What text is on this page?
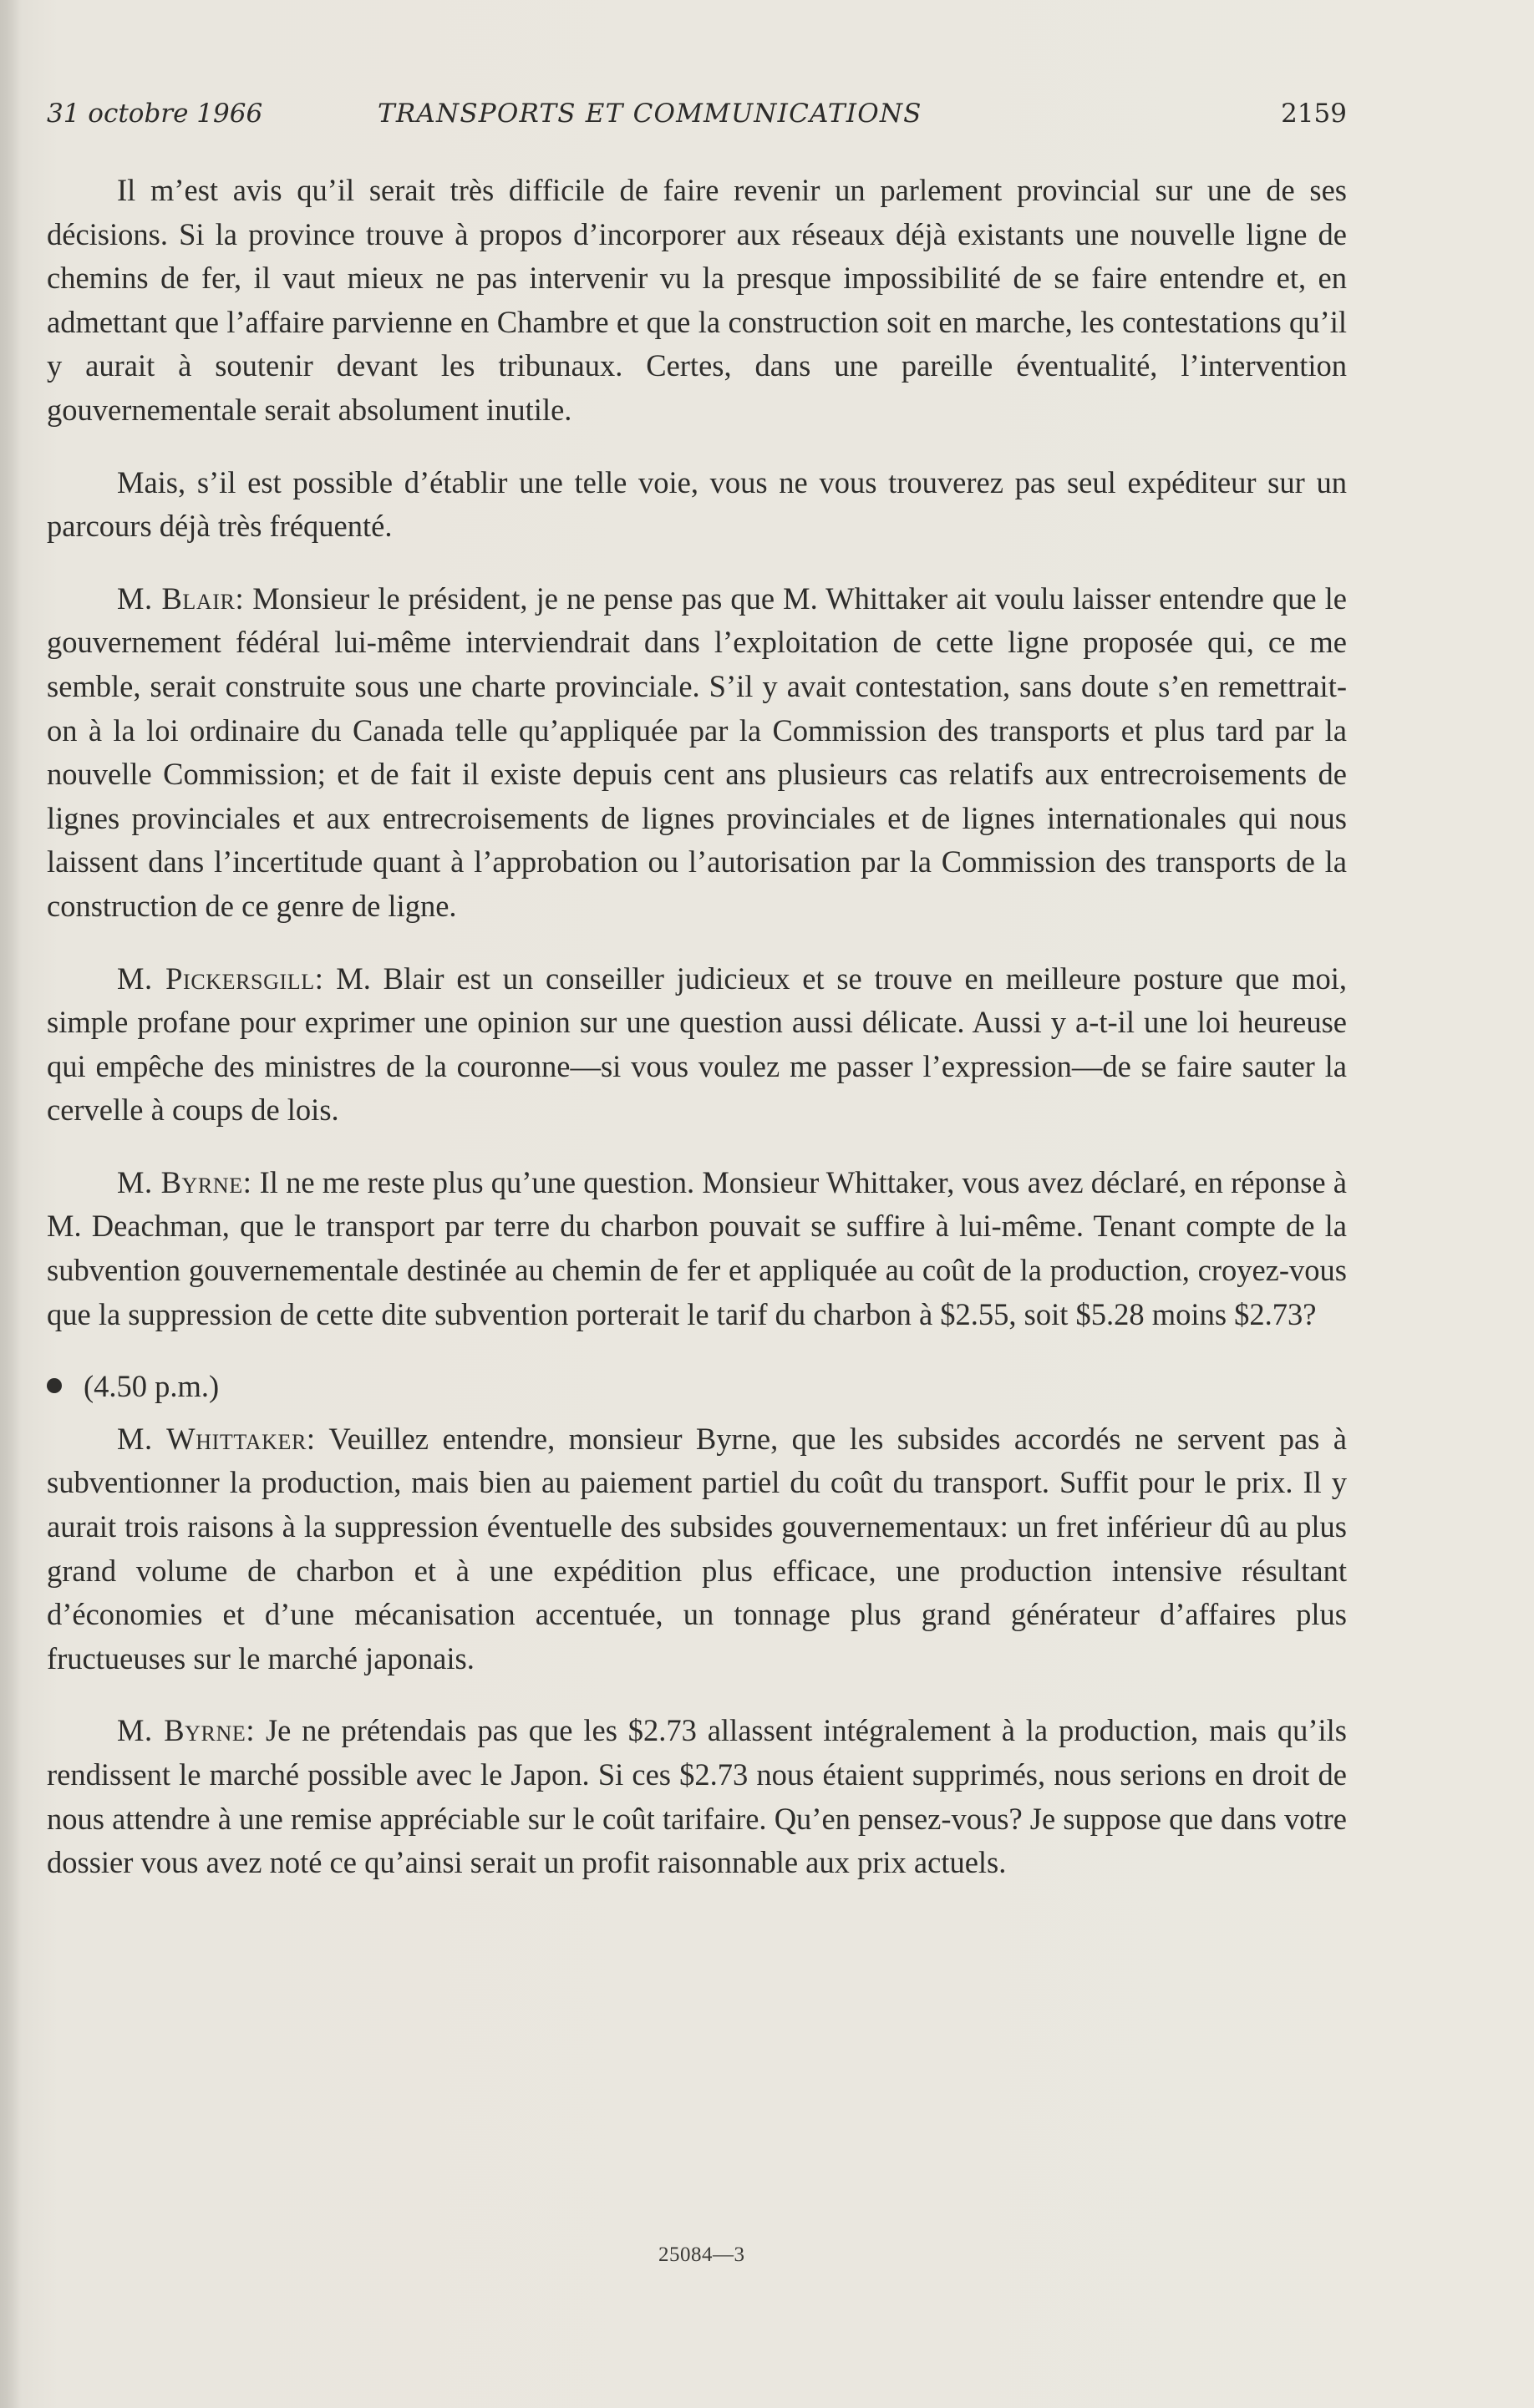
31 octobre 1966	TRANSPORTS ET COMMUNICATIONS	2159

Il m’est avis qu’il serait très difficile de faire revenir un parlement provincial sur une de ses décisions. Si la province trouve à propos d’incorporer aux réseaux déjà existants une nouvelle ligne de chemins de fer, il vaut mieux ne pas intervenir vu la presque impossibilité de se faire entendre et, en admettant que l’affaire parvienne en Chambre et que la construction soit en marche, les contestations qu’il y aurait à soutenir devant les tribunaux. Certes, dans une pareille éventualité, l’intervention gouvernementale serait absolument inutile.

Mais, s’il est possible d’établir une telle voie, vous ne vous trouverez pas seul expéditeur sur un parcours déjà très fréquenté.

M. Blair: Monsieur le président, je ne pense pas que M. Whittaker ait voulu laisser entendre que le gouvernement fédéral lui-même interviendrait dans l’exploitation de cette ligne proposée qui, ce me semble, serait construite sous une charte provinciale. S’il y avait contestation, sans doute s’en remettrait-on à la loi ordinaire du Canada telle qu’appliquée par la Commission des transports et plus tard par la nouvelle Commission; et de fait il existe depuis cent ans plusieurs cas relatifs aux entrecroisements de lignes provinciales et aux entrecroisements de lignes provinciales et de lignes internationales qui nous laissent dans l’incertitude quant à l’approbation ou l’autorisation par la Commission des transports de la construction de ce genre de ligne.

M. Pickersgill: M. Blair est un conseiller judicieux et se trouve en meilleure posture que moi, simple profane pour exprimer une opinion sur une question aussi délicate. Aussi y a-t-il une loi heureuse qui empêche des ministres de la couronne—si vous voulez me passer l’expression—de se faire sauter la cervelle à coups de lois.

M. Byrne: Il ne me reste plus qu’une question. Monsieur Whittaker, vous avez déclaré, en réponse à M. Deachman, que le transport par terre du charbon pouvait se suffire à lui-même. Tenant compte de la subvention gouvernementale destinée au chemin de fer et appliquée au coût de la production, croyez-vous que la suppression de cette dite subvention porterait le tarif du charbon à $2.55, soit $5.28 moins $2.73?

(4.50 p.m.)

M. Whittaker: Veuillez entendre, monsieur Byrne, que les subsides accordés ne servent pas à subventionner la production, mais bien au paiement partiel du coût du transport. Suffit pour le prix. Il y aurait trois raisons à la suppression éventuelle des subsides gouvernementaux: un fret inférieur dû au plus grand volume de charbon et à une expédition plus efficace, une production intensive résultant d’économies et d’une mécanisation accentuée, un tonnage plus grand générateur d’affaires plus fructueuses sur le marché japonais.

M. Byrne: Je ne prétendais pas que les $2.73 allassent intégralement à la production, mais qu’ils rendissent le marché possible avec le Japon. Si ces $2.73 nous étaient supprimés, nous serions en droit de nous attendre à une remise appréciable sur le coût tarifaire. Qu’en pensez-vous? Je suppose que dans votre dossier vous avez noté ce qu’ainsi serait un profit raisonnable aux prix actuels.

25084—3
